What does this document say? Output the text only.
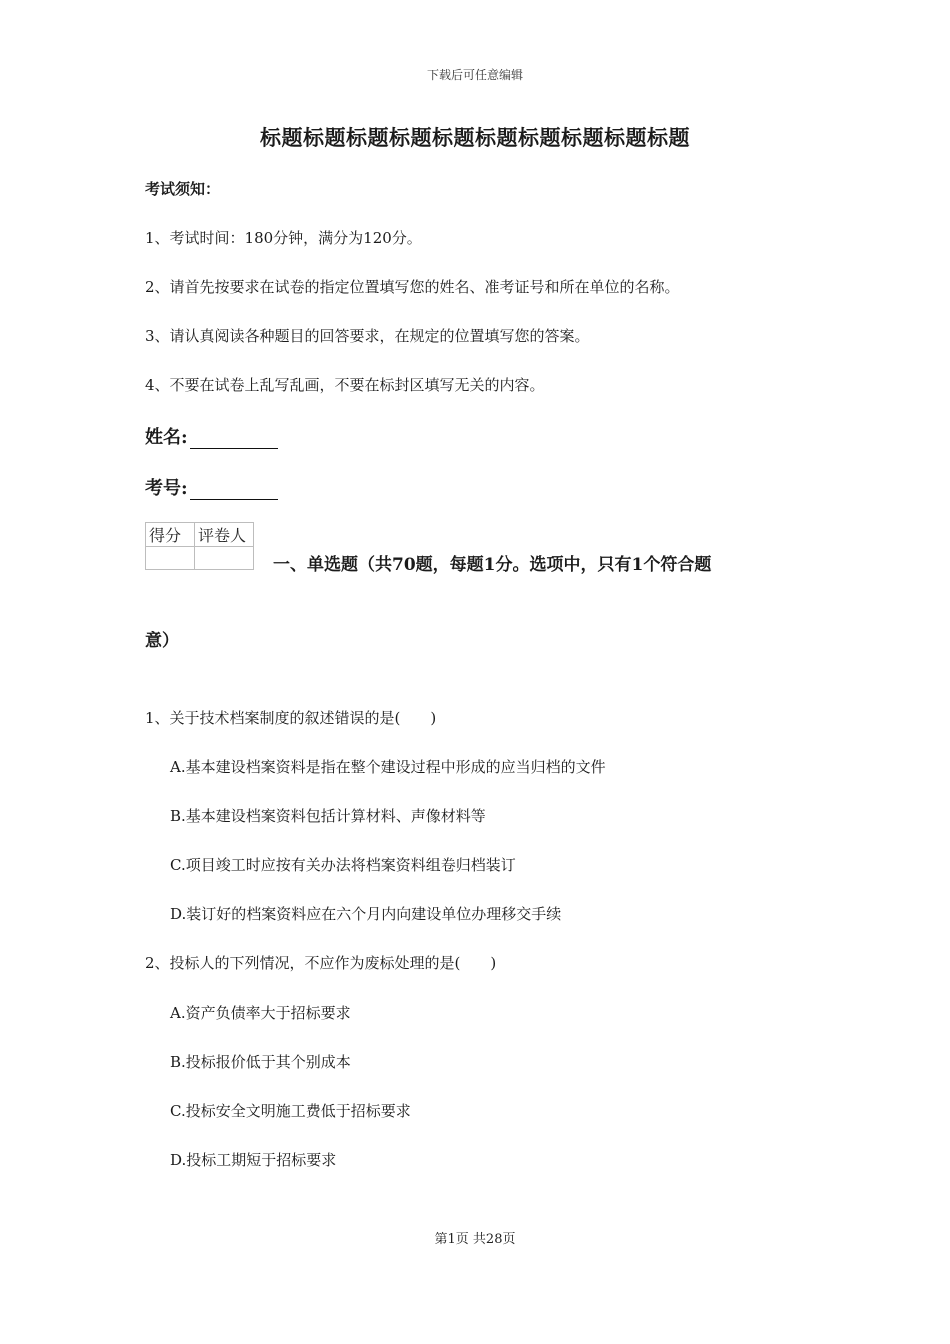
下载后可任意编辑
标题标题标题标题标题标题标题标题标题标题
考试须知：
1、考试时间：180分钟，满分为120分。
2、请首先按要求在试卷的指定位置填写您的姓名、准考证号和所在单位的名称。
3、请认真阅读各种题目的回答要求，在规定的位置填写您的答案。
4、不要在试卷上乱写乱画，不要在标封区填写无关的内容。
姓名:
考号:
得分	评卷人

一、单选题（共70题，每题1分。选项中，只有1个符合题
意）
1、关于技术档案制度的叙述错误的是(　　)
A.基本建设档案资料是指在整个建设过程中形成的应当归档的文件
B.基本建设档案资料包括计算材料、声像材料等
C.项目竣工时应按有关办法将档案资料组卷归档装订
D.装订好的档案资料应在六个月内向建设单位办理移交手续
2、投标人的下列情况，不应作为废标处理的是(　　)
A.资产负债率大于招标要求
B.投标报价低于其个别成本
C.投标安全文明施工费低于招标要求
D.投标工期短于招标要求
第1页 共28页
